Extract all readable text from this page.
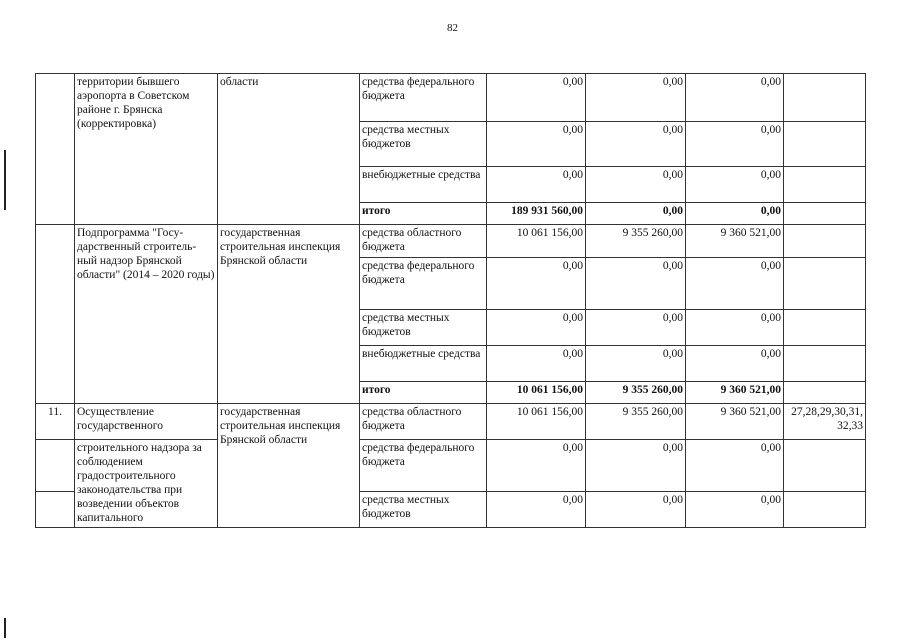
82
	территории бывшего аэропорта в Советском районе г. Брянска (корректировка)	области	средства федерального бюджета	0,00	0,00	0,00	
			средства местных бюджетов	0,00	0,00	0,00	
			внебюджетные средства	0,00	0,00	0,00	
			итого	189 931 560,00	0,00	0,00	
	Подпрограмма "Госу-дарственный строитель-ный надзор Брянской области" (2014 – 2020 годы)	государственная строительная инспекция Брянской области	средства областного бюджета	10 061 156,00	9 355 260,00	9 360 521,00	
			средства федерального бюджета	0,00	0,00	0,00	
			средства местных бюджетов	0,00	0,00	0,00	
			внебюджетные средства	0,00	0,00	0,00	
			итого	10 061 156,00	9 355 260,00	9 360 521,00	
11.	Осуществление государственного	государственная строительная инспекция Брянской области	средства областного бюджета	10 061 156,00	9 355 260,00	9 360 521,00	27,28,29,30,31, 32,33
	строительного надзора за соблюдением градостроительного законодательства при возведении объектов капитального		средства федерального бюджета	0,00	0,00	0,00	
			средства местных бюджетов	0,00	0,00	0,00	
